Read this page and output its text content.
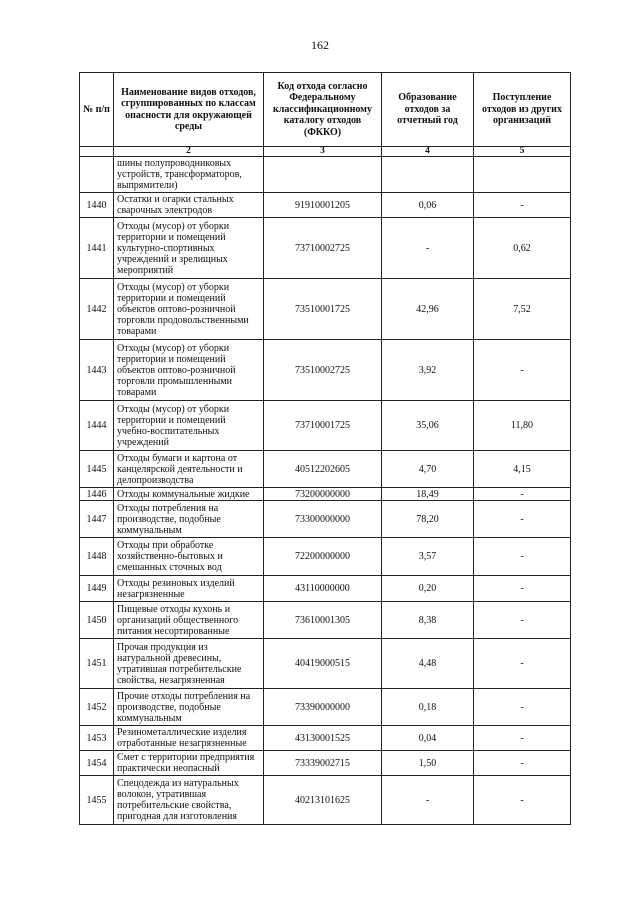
162
№ п/п	Наименование видов отходов, сгруппированных по классам опасности для окружающей среды	Код отхода согласно Федеральному классификационному каталогу отходов (ФККО)	Образование отходов за отчетный год	Поступление отходов из других организаций
	2	3	4	5
	шины полупроводниковых устройств, трансформаторов, выпрямители)			
1440	Остатки и огарки стальных сварочных электродов	91910001205	0,06	-
1441	Отходы (мусор) от уборки территории и помещений культурно-спортивных учреждений и зрелищных мероприятий	73710002725	-	0,62
1442	Отходы (мусор) от уборки территории и помещений объектов оптово-розничной торговли продовольственными товарами	73510001725	42,96	7,52
1443	Отходы (мусор) от уборки территории и помещений объектов оптово-розничной торговли промышленными товарами	73510002725	3,92	-
1444	Отходы (мусор) от уборки территории и помещений учебно-воспитательных учреждений	73710001725	35,06	11,80
1445	Отходы бумаги и картона от канцелярской деятельности и делопроизводства	40512202605	4,70	4,15
1446	Отходы коммунальные жидкие	73200000000	18,49	-
1447	Отходы потребления на производстве, подобные коммунальным	73300000000	78,20	-
1448	Отходы при обработке хозяйственно-бытовых и смешанных сточных вод	72200000000	3,57	-
1449	Отходы резиновых изделий незагрязненные	43110000000	0,20	-
1450	Пищевые отходы кухонь и организаций общественного питания несортированные	73610001305	8,38	-
1451	Прочая продукция из натуральной древесины, утратившая потребительские свойства, незагрязненная	40419000515	4,48	-
1452	Прочие отходы потребления на производстве, подобные коммунальным	73390000000	0,18	-
1453	Резинометаллические изделия отработанные незагрязненные	43130001525	0,04	-
1454	Смет с территории предприятия практически неопасный	73339002715	1,50	-
1455	Спецодежда из натуральных волокон, утратившая потребительские свойства, пригодная для изготовления	40213101625	-	-
